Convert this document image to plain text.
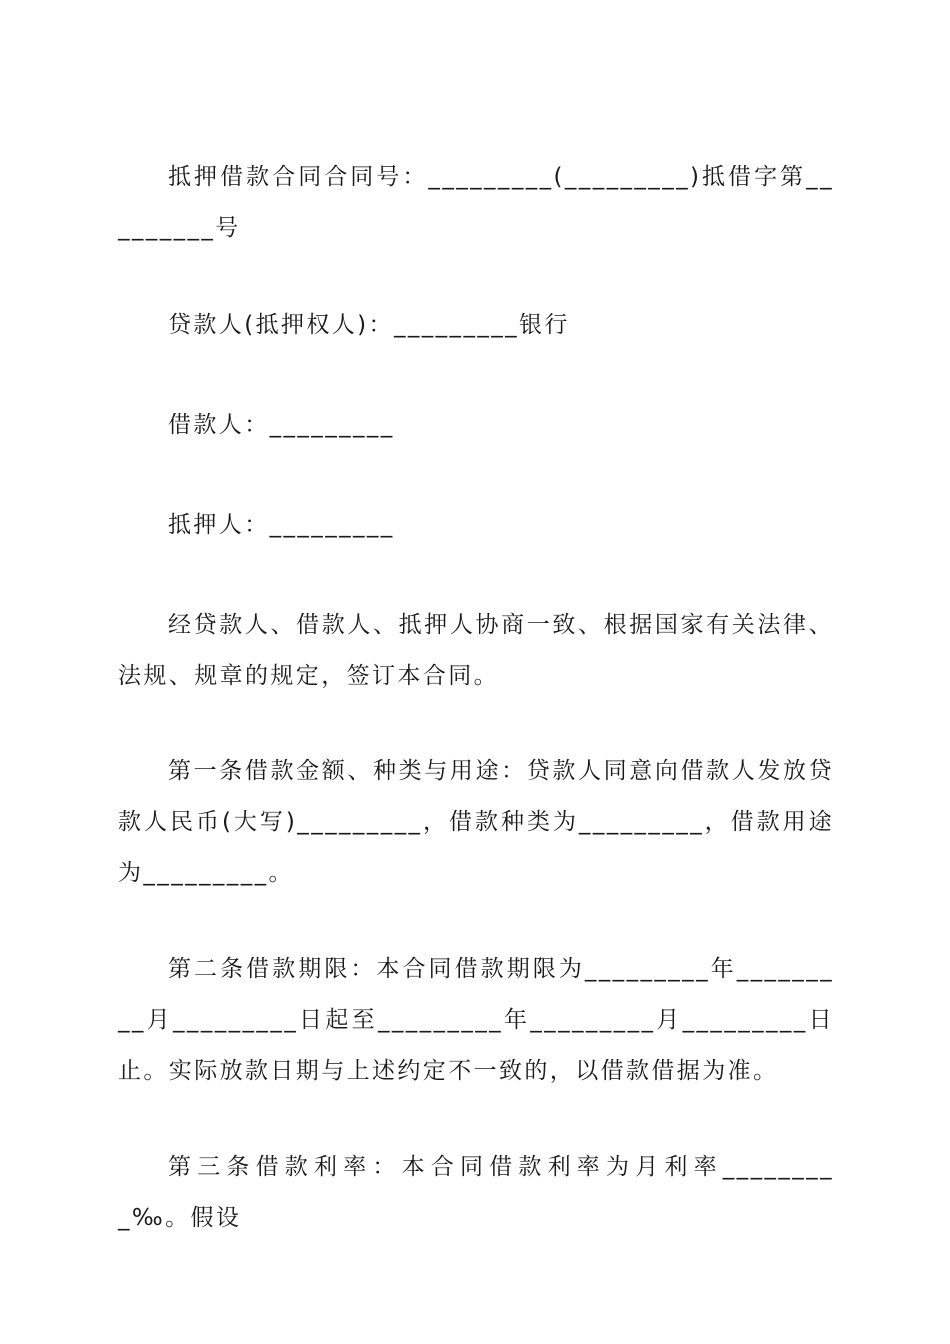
抵押借款合同合同号：_________(_________)抵借字第_________号

贷款人(抵押权人)：_________银行

借款人：_________

抵押人：_________

经贷款人、借款人、抵押人协商一致、根据国家有关法律、法规、规章的规定，签订本合同。

第一条借款金额、种类与用途：贷款人同意向借款人发放贷款人民币(大写)_________，借款种类为_________，借款用途为_________。

第二条借款期限：本合同借款期限为_________年_________月_________日起至_________年_________月_________日止。实际放款日期与上述约定不一致的，以借款借据为准。

第三条借款利率：本合同借款利率为月利率_________‰。假设
